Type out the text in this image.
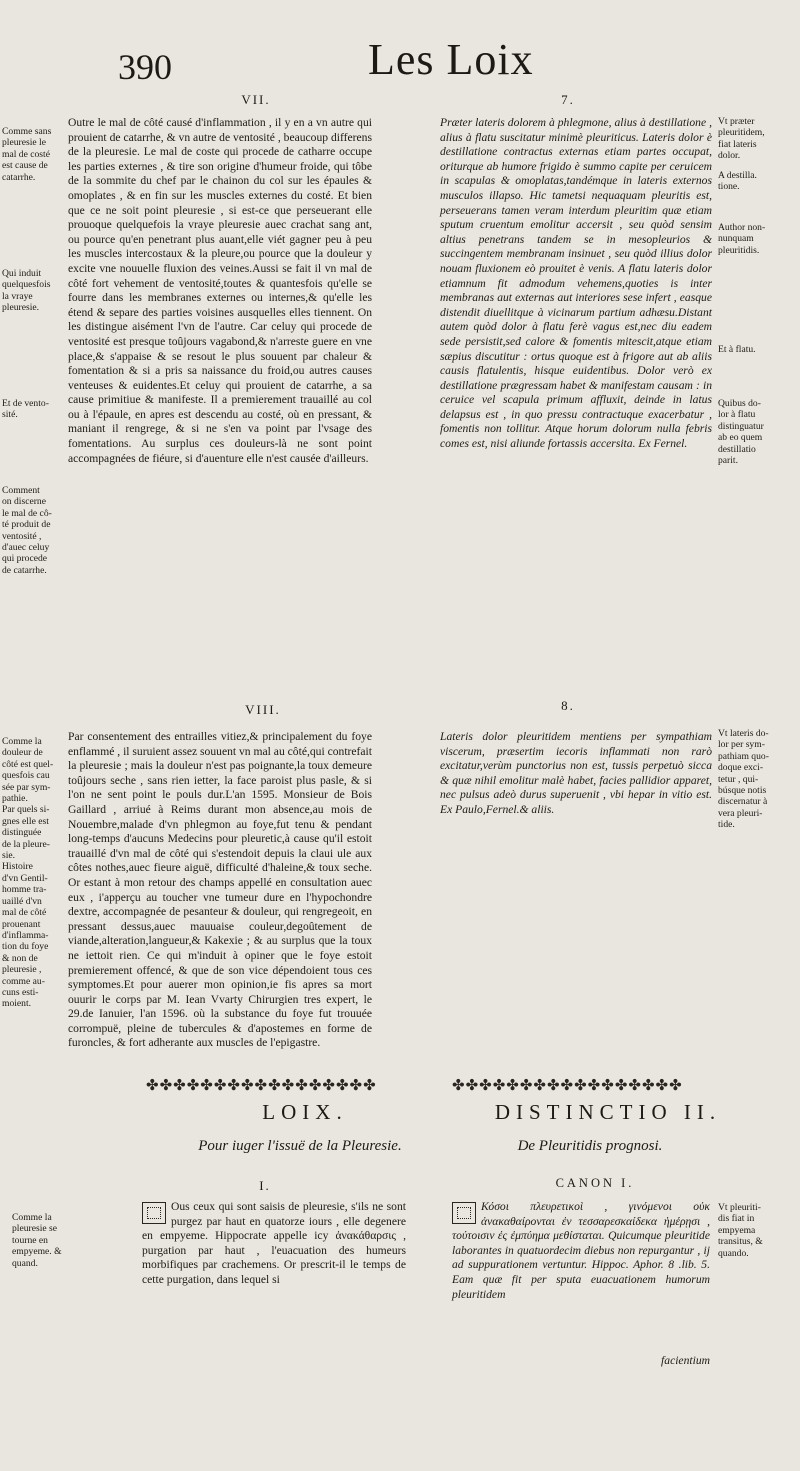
390	Les Loix
VII.	7.
Comme sans
pleuresie le
mal de costé
est cause de
catarrhe.
Qui induit
quelquesfois
la vraye
pleuresie.
Et de vento-
sité.
Comment
on discerne
le mal de cô-
té produit de
ventosité ,
d'auec celuy
qui procede
de catarrhe.
Outre le mal de côté causé d'inflammation , il y en a vn autre qui prouient de catarrhe, & vn autre de ventosité , beaucoup differens de la pleuresie. Le mal de coste qui procede de catharre occupe les parties externes , & tire son origine d'humeur froide, qui tôbe de la sommite du chef par le chainon du col sur les épaules & omoplates , & en fin sur les muscles externes du costé. Et bien que ce ne soit point pleuresie , si est-ce que perseuerant elle prouoque quelquefois la vraye pleuresie auec crachat sang ant, ou pource qu'en penetrant plus auant,elle viét gagner peu à peu les muscles intercostaux & la pleure,ou pource que la douleur y excite vne nouuelle fluxion des veines.Aussi se fait il vn mal de côté fort vehement de ventosité,toutes & quantesfois qu'elle se fourre dans les membranes externes ou internes,& qu'elle les étend & separe des parties voisines ausquelles elles tiennent. On les distingue aisément l'vn de l'autre. Car celuy qui procede de ventosité est presque toûjours vagabond,& n'arreste guere en vne place,& s'appaise & se resout le plus souuent par chaleur & fomentation & si a pris sa naissance du froid,ou autres causes venteuses & euidentes.Et celuy qui prouient de catarrhe, a sa cause primitiue & manifeste. Il a premierement trauaillé au col ou à l'épaule, en apres est descendu au costé, où en pressant, & maniant il rengrege, & si ne s'en va point par l'vsage des fomentations. Au surplus ces douleurs-là ne sont point accompagnées de fiéure, si d'auenture elle n'est causée d'ailleurs.
Præter lateris dolorem à phlegmone, alius à destillatione , alius à flatu suscitatur minimè pleuriticus. Lateris dolor è destillatione contractus externas etiam partes occupat, oriturque ab humore frigido è summo capite per ceruicem in scapulas & omoplatas,tandémque in lateris externos musculos illapso. Hic tametsi nequaquam pleuritis est, perseuerans tamen veram interdum pleuritim quæ etiam sputum cruentum emolitur accersit , seu quòd sensim altius penetrans tandem se in mesopleurios & succingentem membranam insinuet , seu quòd illius dolor nouam fluxionem eò prouitet è venis. A flatu lateris dolor etiamnum fit admodum vehemens,quoties is inter membranas aut externas aut interiores sese infert , easque distendit diuellitque à vicinarum partium adhæsu.Distant autem quòd dolor à flatu ferè vagus est,nec diu eadem sede persistit,sed calore & fomentis mitescit,atque etiam sæpius discutitur : ortus quoque est à frigore aut ab aliis causis flatulentis, hisque euidentibus. Dolor verò ex destillatione prægressam habet & manifestam causam : in ceruice vel scapula primum affluxit, deinde in latus delapsus est , in quo pressu contractuque exacerbatur , fomentis non tollitur. Atque horum dolorum nulla febris comes est, nisi aliunde fortassis accersita. Ex Fernel.
Vt præter
pleuritidem,
fiat lateris
dolor.
A destilla.
tione.
Author non-
nunquam
pleuritidis.
Et à flatu.
Quibus do-
lor à flatu
distinguatur
ab eo quem
destillatio
parit.
VIII.	8.
Comme la
douleur de
côté est quel-
quesfois cau
sée par sym-
pathie.
Par quels si-
gnes elle est
distinguée
de la pleure-
sie.
Histoire
d'vn Gentil-
homme tra-
uaillé d'vn
mal de côté
prouenant
d'inflamma-
tion du foye
& non de
pleuresie ,
comme au-
cuns esti-
moient.
Par consentement des entrailles vitiez,& principalement du foye enflammé , il suruient assez souuent vn mal au côté,qui contrefait la pleuresie ; mais la douleur n'est pas poignante,la toux demeure toûjours seche , sans rien ietter, la face paroist plus pasle, & si l'on ne sent point le pouls dur.L'an 1595. Monsieur de Bois Gaillard , arriué à Reims durant mon absence,au mois de Nouembre,malade d'vn phlegmon au foye,fut tenu & pendant long-temps d'aucuns Medecins pour pleuretic,à cause qu'il estoit trauaillé d'vn mal de côté qui s'estendoit depuis la claui ule aux côtes nothes,auec fieure aiguë, difficulté d'haleine,& toux seche. Or estant à mon retour des champs appellé en consultation auec eux , i'apperçu au toucher vne tumeur dure en l'hypochondre dextre, accompagnée de pesanteur & douleur, qui rengregeoit, en pressant dessus,auec mauuaise couleur,degoûtement de viande,alteration,langueur,& Kakexie ; & au surplus que la toux ne iettoit rien. Ce qui m'induit à opiner que le foye estoit premierement offencé, & que de son vice dépendoient tous ces symptomes.Et pour auerer mon opinion,ie fis apres sa mort ouurir le corps par M. Iean Vvarty Chirurgien tres expert, le 29.de Ianuier, l'an 1596. où la substance du foye fut trouuée corrompuë, pleine de tubercules & d'apostemes en forme de furoncles, & fort adherante aux muscles de l'epigastre.
Lateris dolor pleuritidem mentiens per sympathiam viscerum, præsertim iecoris inflammati non rarò excitatur,verùm punctorius non est, tussis perpetuò sicca & quæ nihil emolitur malè habet, facies pallidior apparet, nec pulsus adeò durus superuenit , vbi hepar in vitio est. Ex Paulo,Fernel.& aliis.
Vt lateris do-
lor per sym-
pathiam quo-
doque exci-
tetur , qui-
búsque notis
discernatur à
vera pleuri-
tide.
✤✤✤✤✤✤✤✤✤✤✤✤✤✤✤✤✤
LOIX.
Pour iuger l'issuë de la Pleuresie.
I.
Comme la
pleuresie se
tourne en
empyeme. &
quand.
Ous ceux qui sont saisis de pleuresie, s'ils ne sont purgez par haut en quatorze iours , elle degenere en empyeme. Hippocrate appelle icy ἀνακάθαρσις , purgation par haut , l'euacuation des humeurs morbifiques par crachemens. Or prescrit-il le temps de cette purgation, dans lequel si
✤✤✤✤✤✤✤✤✤✤✤✤✤✤✤✤✤
DISTINCTIO II.
De Pleuritidis prognosi.
CANON I.
Κόσοι πλευρετικοὶ , γινόμενοι οὐκ ἀνακαθαίρονται ἐν τεσσαρεσκαίδεκα ἡμέρῃσι , τούτοισιν ἐς ἐμπύημα μεθίσταται. Quicumque pleuritide laborantes in quatuordecim diebus non repurgantur , ij ad suppurationem vertuntur. Hippoc. Aphor. 8 .lib. 5. Eam quæ fit per sputa euacuationem humorum pleuritidem
facientium
Vt pleuriti-
dis fiat in
empyema
transitus, &
quando.
